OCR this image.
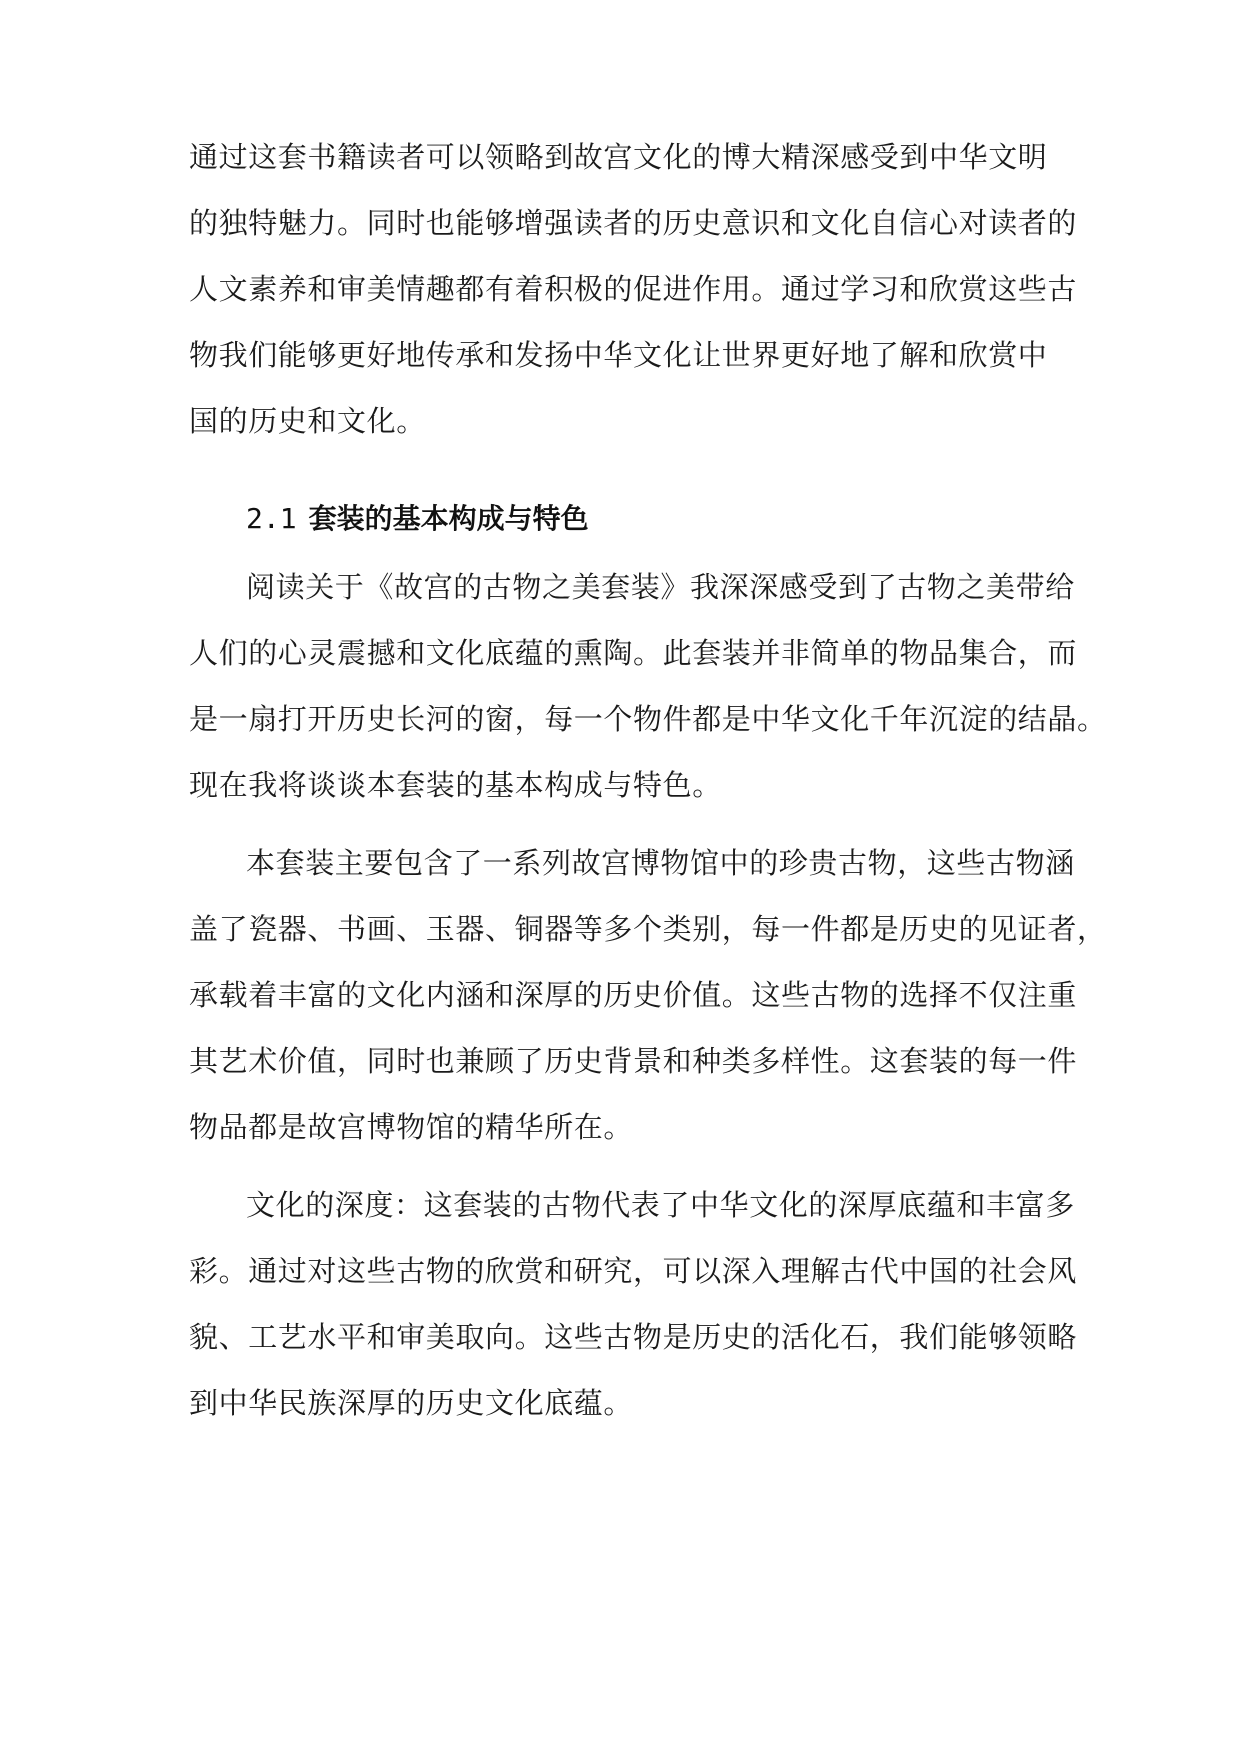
通过这套书籍读者可以领略到故宫文化的博大精深感受到中华文明

的独特魅力。同时也能够增强读者的历史意识和文化自信心对读者的

人文素养和审美情趣都有着积极的促进作用。通过学习和欣赏这些古

物我们能够更好地传承和发扬中华文化让世界更好地了解和欣赏中

国的历史和文化。

2.1 套装的基本构成与特色

阅读关于《故宫的古物之美套装》我深深感受到了古物之美带给

人们的心灵震撼和文化底蕴的熏陶。此套装并非简单的物品集合，而

是一扇打开历史长河的窗，每一个物件都是中华文化千年沉淀的结晶。

现在我将谈谈本套装的基本构成与特色。

本套装主要包含了一系列故宫博物馆中的珍贵古物，这些古物涵

盖了瓷器、书画、玉器、铜器等多个类别，每一件都是历史的见证者，

承载着丰富的文化内涵和深厚的历史价值。这些古物的选择不仅注重

其艺术价值，同时也兼顾了历史背景和种类多样性。这套装的每一件

物品都是故宫博物馆的精华所在。

文化的深度：这套装的古物代表了中华文化的深厚底蕴和丰富多

彩。通过对这些古物的欣赏和研究，可以深入理解古代中国的社会风

貌、工艺水平和审美取向。这些古物是历史的活化石，我们能够领略

到中华民族深厚的历史文化底蕴。
